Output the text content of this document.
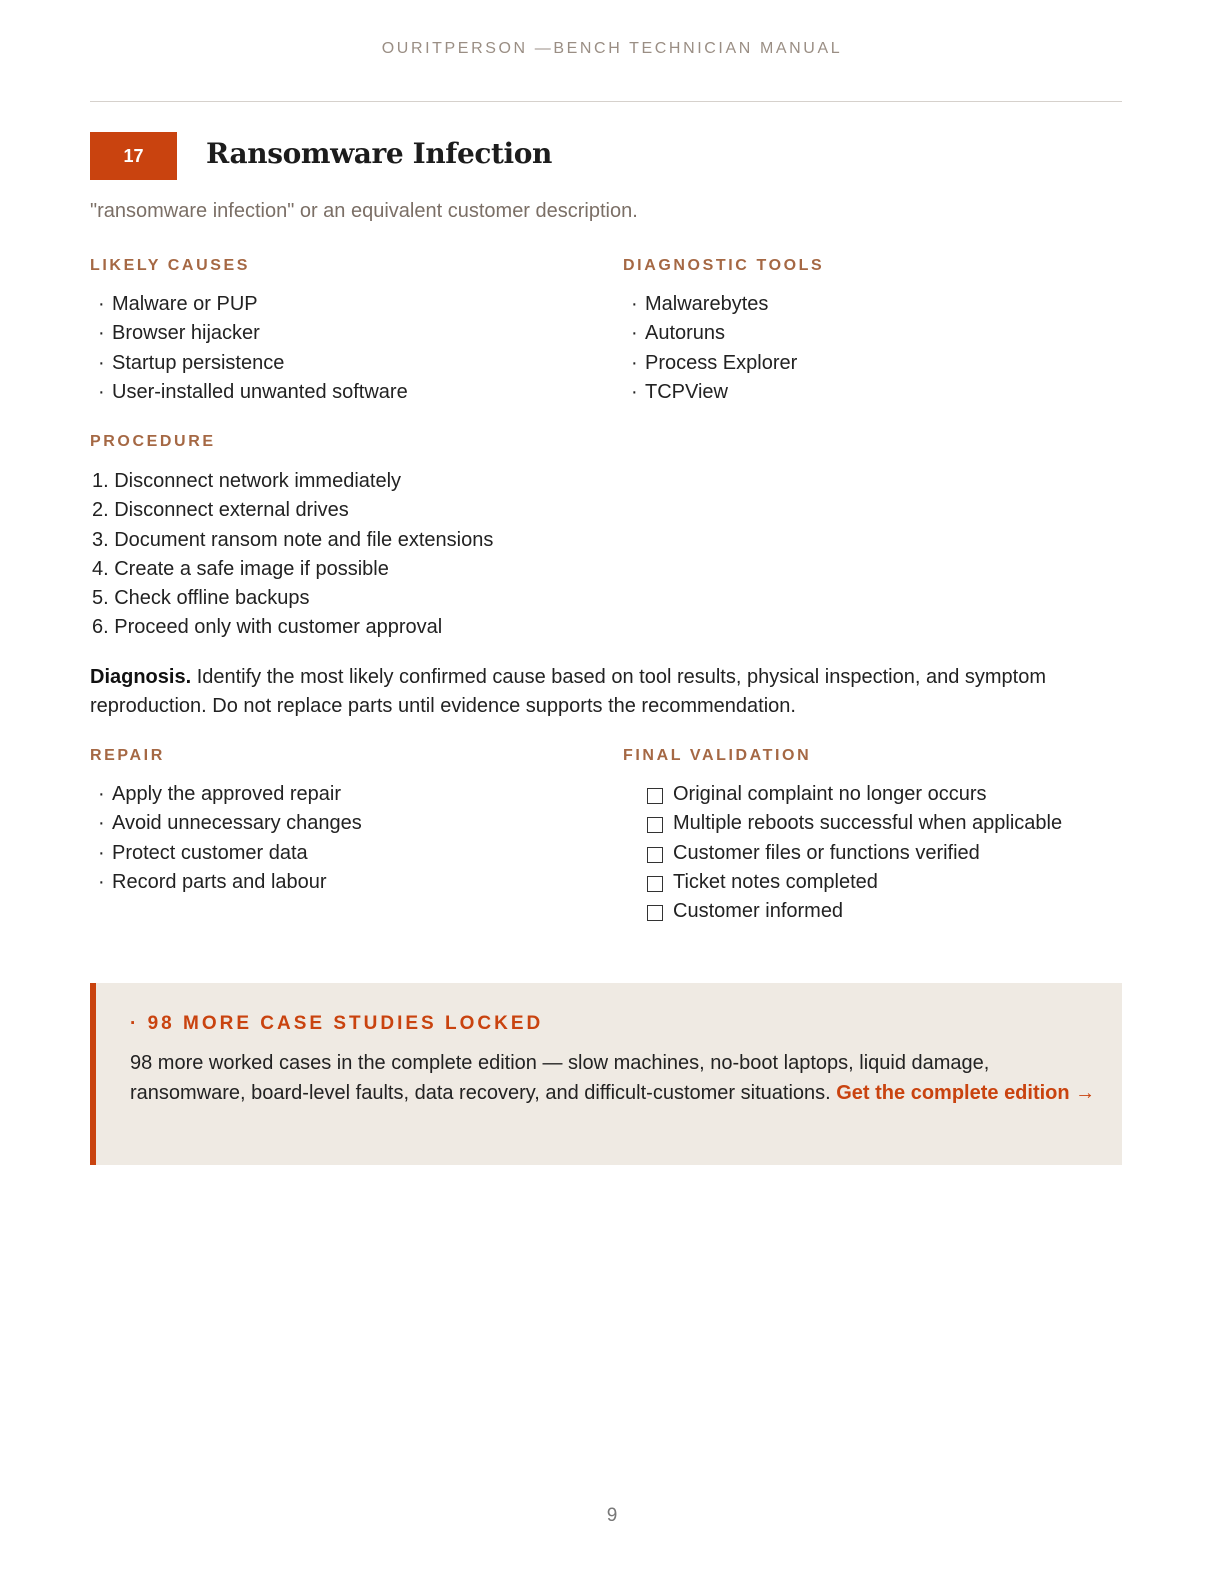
OURITPERSON —BENCH TECHNICIAN MANUAL
17	Ransomware Infection

"ransomware infection" or an equivalent customer description.

LIKELY CAUSES
· Malware or PUP
· Browser hijacker
· Startup persistence
· User-installed unwanted software
DIAGNOSTIC TOOLS
· Malwarebytes
· Autoruns
· Process Explorer
· TCPView
PROCEDURE
1. Disconnect network immediately
2. Disconnect external drives
3. Document ransom note and file extensions
4. Create a safe image if possible
5. Check offline backups
6. Proceed only with customer approval

Diagnosis. Identify the most likely confirmed cause based on tool results, physical inspection, and symptom reproduction. Do not replace parts until evidence supports the recommendation.

REPAIR
· Apply the approved repair
· Avoid unnecessary changes
· Protect customer data
· Record parts and labour
FINAL VALIDATION
Original complaint no longer occurs
Multiple reboots successful when applicable
Customer files or functions verified
Ticket notes completed
Customer informed
· 98 MORE CASE STUDIES LOCKED

98 more worked cases in the complete edition — slow machines, no-boot laptops, liquid damage, ransomware, board-level faults, data recovery, and difficult-customer situations. Get the complete edition →

9
